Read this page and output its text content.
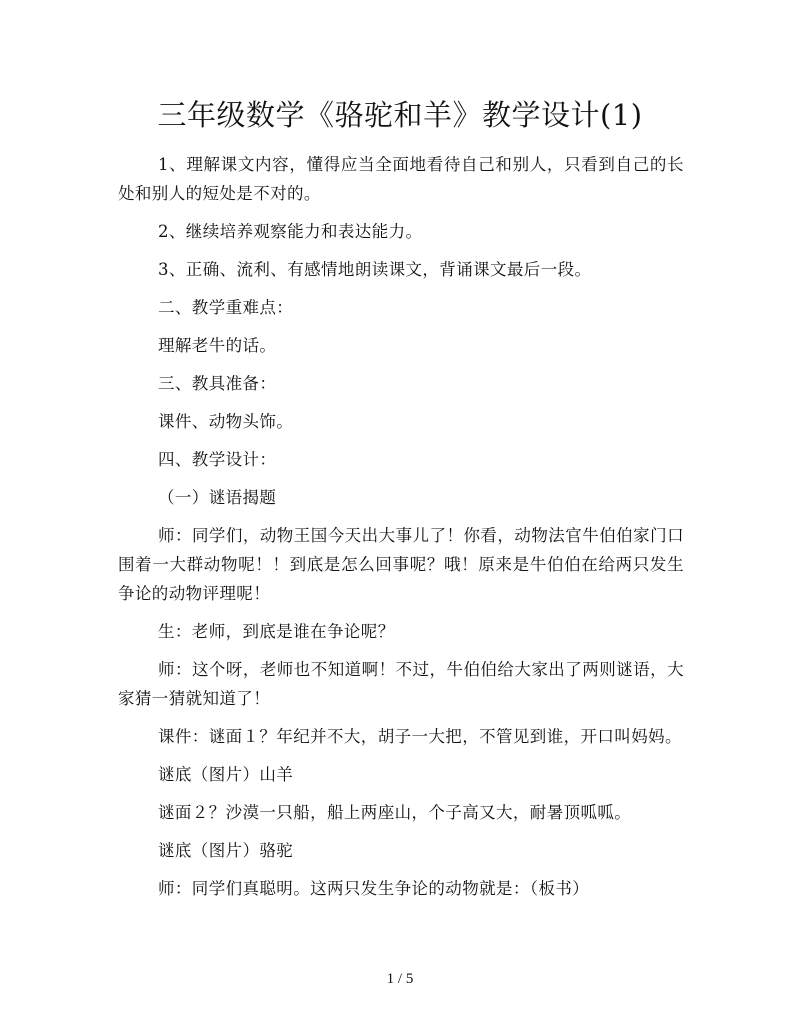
三年级数学《骆驼和羊》教学设计(1)

1、理解课文内容，懂得应当全面地看待自己和别人，只看到自己的长处和别人的短处是不对的。

2、继续培养观察能力和表达能力。

3、正确、流利、有感情地朗读课文，背诵课文最后一段。

二、教学重难点：

理解老牛的话。

三、教具准备：

课件、动物头饰。

四、教学设计：

（一）谜语揭题

师：同学们，动物王国今天出大事儿了！你看，动物法官牛伯伯家门口围着一大群动物呢！！到底是怎么回事呢？哦！原来是牛伯伯在给两只发生争论的动物评理呢！

生：老师，到底是谁在争论呢？

师：这个呀，老师也不知道啊！不过，牛伯伯给大家出了两则谜语，大家猜一猜就知道了！

课件：谜面１？年纪并不大，胡子一大把，不管见到谁，开口叫妈妈。

谜底（图片）山羊

谜面２？沙漠一只船，船上两座山，个子高又大，耐暑顶呱呱。

谜底（图片）骆驼

师：同学们真聪明。这两只发生争论的动物就是：（板书）

1 / 5
